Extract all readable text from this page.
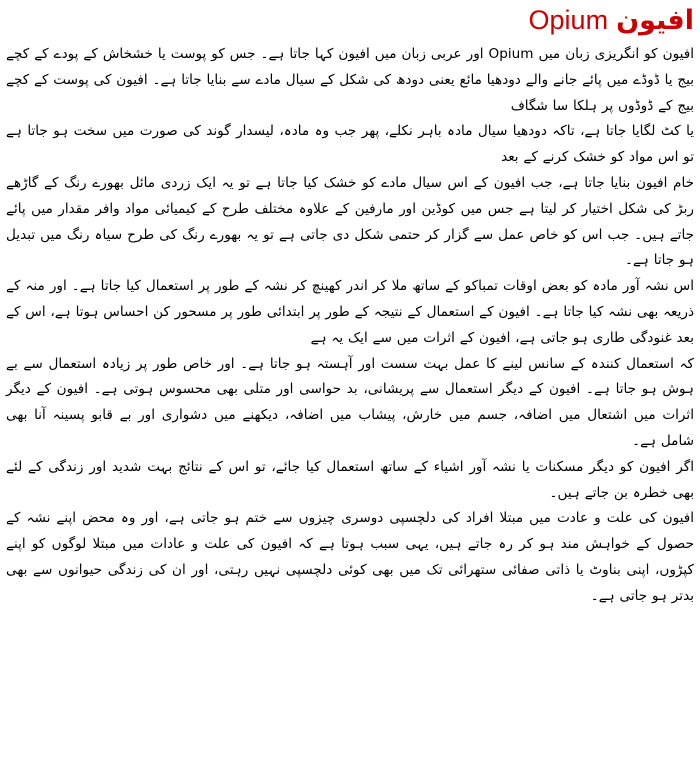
افیونOpium

افیون کو انگریزی زبان میں Opium اور عربی زبان میں افیون کہا جاتا ہے۔ جس کو پوست یا خشخاش کے پودے کے کچے بیج یا ڈوڈے میں پائے جانے والے دودھیا مائع یعنی دودھ کی شکل کے سیال مادے سے بنایا جاتا ہے۔ افیون کی پوست کے کچے بیج کے ڈوڈوں پر ہلکا سا شگاف

یا کٹ لگایا جاتا ہے، تاکہ دودھیا سیال مادہ باہر نکلے، پھر جب وہ مادہ، لیسدار گوند کی صورت میں سخت ہو جاتا ہے تو اس مواد کو خشک کرنے کے بعد

خام افیون بنایا جاتا ہے، جب افیون کے اس سیال مادے کو خشک کیا جاتا ہے تو یہ ایک زردی مائل بھورے رنگ کے گاڑھے ربڑ کی شکل اختیار کر لیتا ہے جس میں کوڈین اور مارفین کے علاوہ مختلف طرح کے کیمیائی مواد وافر مقدار میں پائے جاتے ہیں۔ جب اس کو خاص عمل سے گزار کر حتمی شکل دی جاتی ہے تو یہ بھورے رنگ کی طرح سیاہ رنگ میں تبدیل ہو جاتا ہے۔

اس نشہ آور مادہ کو بعض اوقات تمباکو کے ساتھ ملا کر اندر کھینچ کر نشہ کے طور پر استعمال کیا جاتا ہے۔ اور منہ کے ذریعہ بھی نشہ کیا جاتا ہے۔ افیون کے استعمال کے نتیجہ کے طور پر ابتدائی طور پر مسحور کن احساس ہوتا ہے، اس کے بعد غنودگی طاری ہو جاتی ہے، افیون کے اثرات میں سے ایک یہ ہے

کہ استعمال کنندہ کے سانس لینے کا عمل بہت سست اور آہستہ ہو جاتا ہے۔ اور خاص طور پر زیادہ استعمال سے بے ہوش ہو جاتا ہے۔ افیون کے دیگر استعمال سے پریشانی، بد حواسی اور متلی بھی محسوس ہوتی ہے۔ افیون کے دیگر اثرات میں اشتعال میں اضافہ، جسم میں خارش، پیشاب میں اضافہ، دیکھنے میں دشواری اور بے قابو پسینہ آنا بھی شامل ہے۔

اگر افیون کو دیگر مسکنات یا نشہ آور اشیاء کے ساتھ استعمال کیا جائے، تو اس کے نتائج بہت شدید اور زندگی کے لئے بھی خطرہ بن جاتے ہیں۔

افیون کی علت و عادت میں مبتلا افراد کی دلچسپی دوسری چیزوں سے ختم ہو جاتی ہے، اور وہ محض اپنے نشہ کے حصول کے خواہش مند ہو کر رہ جاتے ہیں، یہی سبب ہوتا ہے کہ افیون کی علت و عادات میں مبتلا لوگوں کو اپنے کپڑوں، اپنی بناوٹ یا ذاتی صفائی ستھرائی تک میں بھی کوئی دلچسپی نہیں رہتی، اور ان کی زندگی حیوانوں سے بھی بدتر ہو جاتی ہے۔
